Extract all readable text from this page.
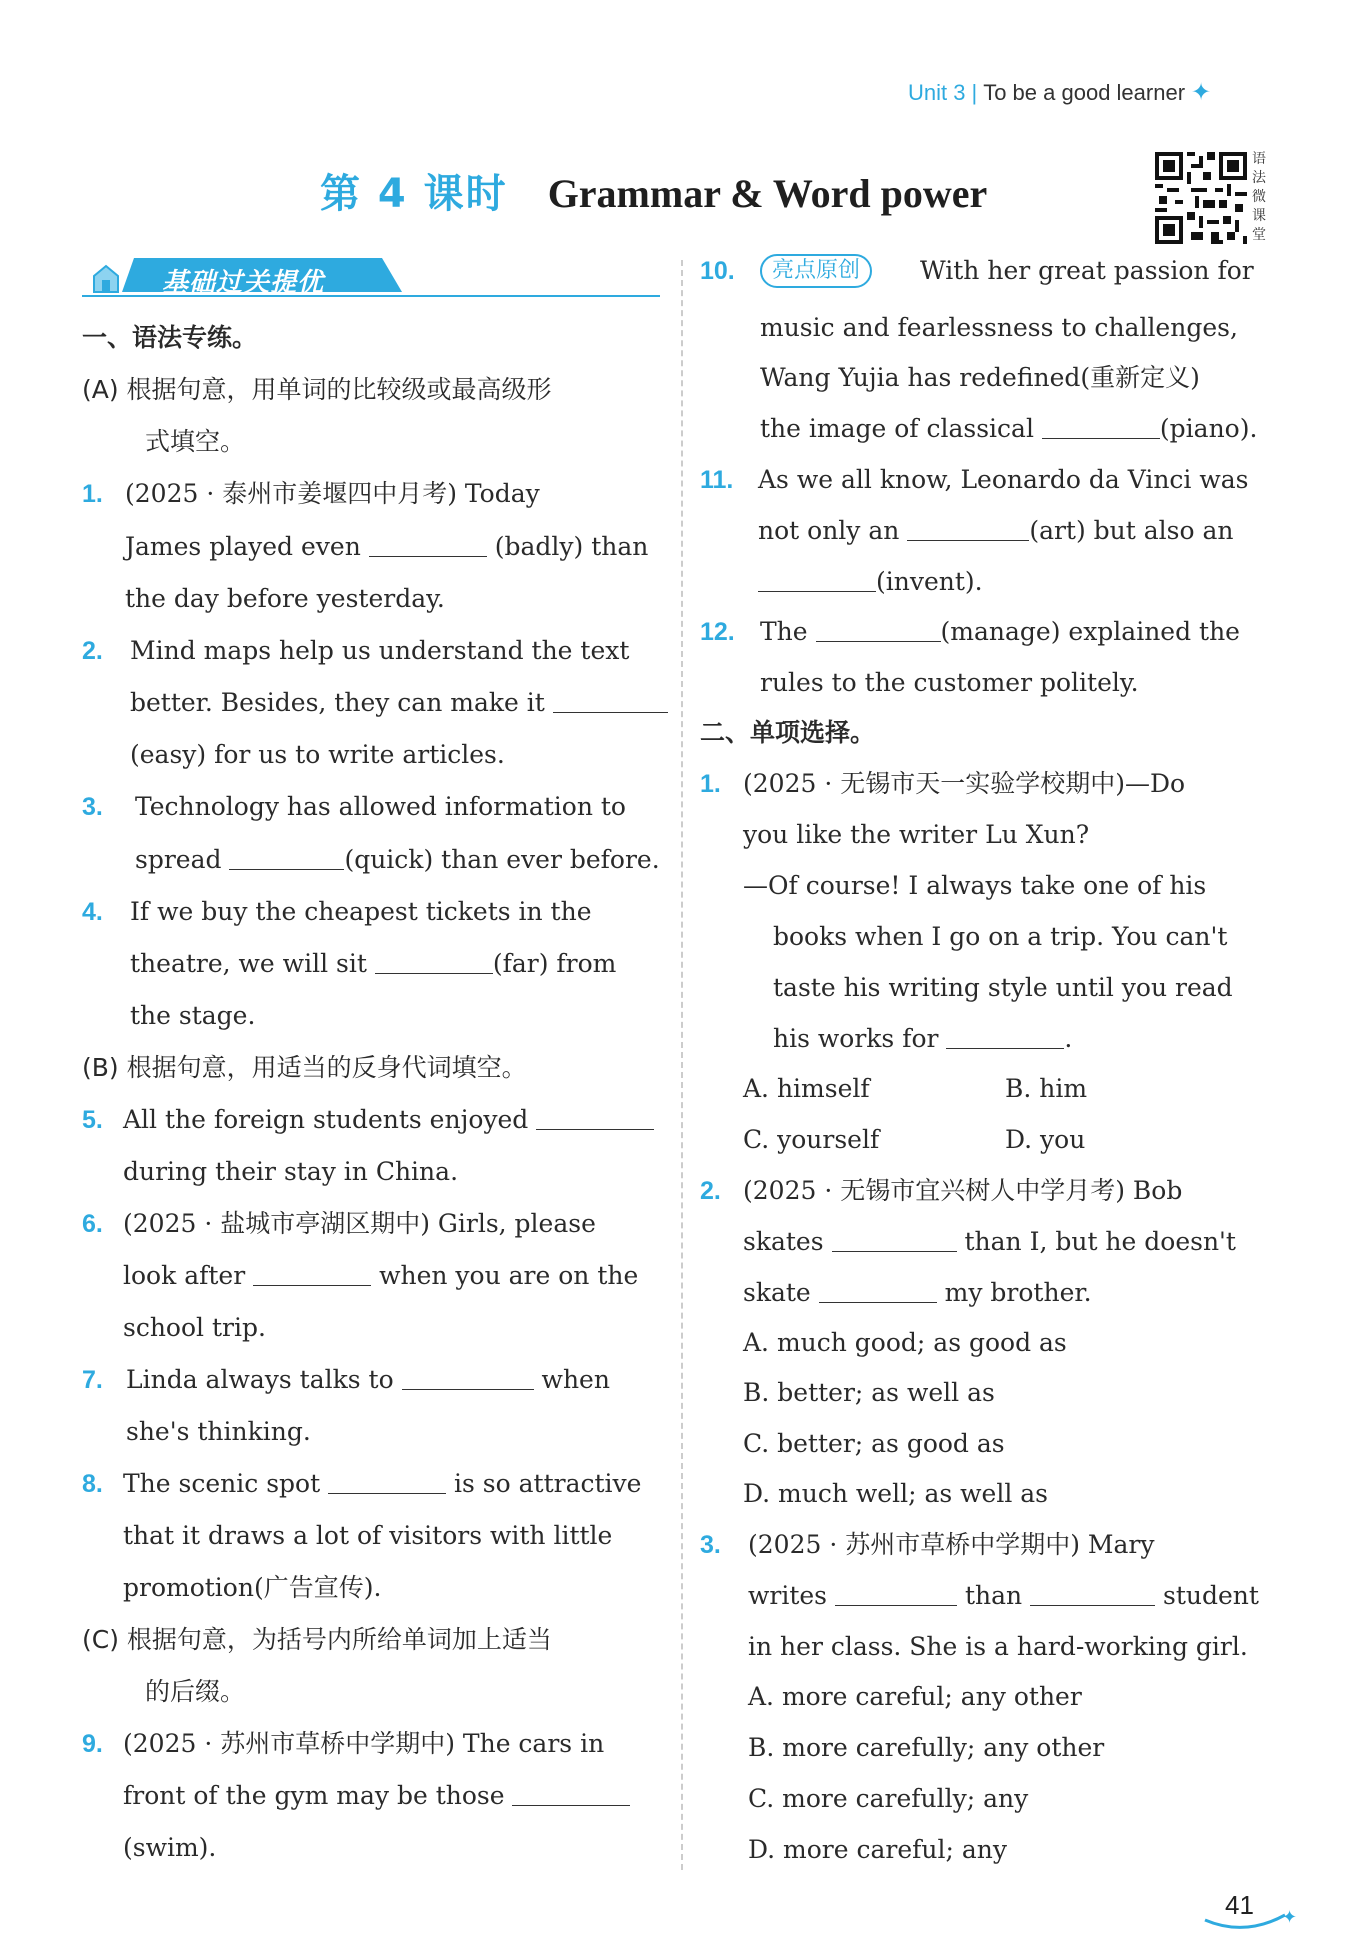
Unit 3 | To be a good learner ✦
第 4 课时 Grammar & Word power
语法微课堂
基础过关提优
一、语法专练。
(A) 根据句意，用单词的比较级或最高级形
式填空。
1. (2025 · 泰州市姜堰四中月考) Today
James played even	(badly) than
the day before yesterday.
2. Mind maps help us understand the text
better. Besides, they can make it
(easy) for us to write articles.
3. Technology has allowed information to
spread	(quick) than ever before.
4. If we buy the cheapest tickets in the
theatre, we will sit	(far) from
the stage.
(B) 根据句意，用适当的反身代词填空。
5. All the foreign students enjoyed
during their stay in China.
6. (2025 · 盐城市亭湖区期中) Girls, please
look after	when you are on the
school trip.
7. Linda always talks to	when
she's thinking.
8. The scenic spot	is so attractive
that it draws a lot of visitors with little
promotion(广告宣传).
(C) 根据句意，为括号内所给单词加上适当
的后缀。
9. (2025 · 苏州市草桥中学期中) The cars in
front of the gym may be those
(swim).
10.	亮点原创	With her great passion for
music and fearlessness to challenges,
Wang Yujia has redefined(重新定义)
the image of classical	(piano).
11. As we all know, Leonardo da Vinci was
not only an	(art) but also an
(invent).
12. The	(manage) explained the
rules to the customer politely.
二、单项选择。
1. (2025 · 无锡市天一实验学校期中)—Do
you like the writer Lu Xun?
—Of course! I always take one of his
books when I go on a trip. You can't
taste his writing style until you read
his works for	.
A. himself	B. him
C. yourself	D. you
2. (2025 · 无锡市宜兴树人中学月考) Bob
skates	than I, but he doesn't
skate	my brother.
A. much good; as good as
B. better; as well as
C. better; as good as
D. much well; as well as
3. (2025 · 苏州市草桥中学期中) Mary
writes	than	student
in her class. She is a hard-working girl.
A. more careful; any other
B. more carefully; any other
C. more carefully; any
D. more careful; any
✦
41
